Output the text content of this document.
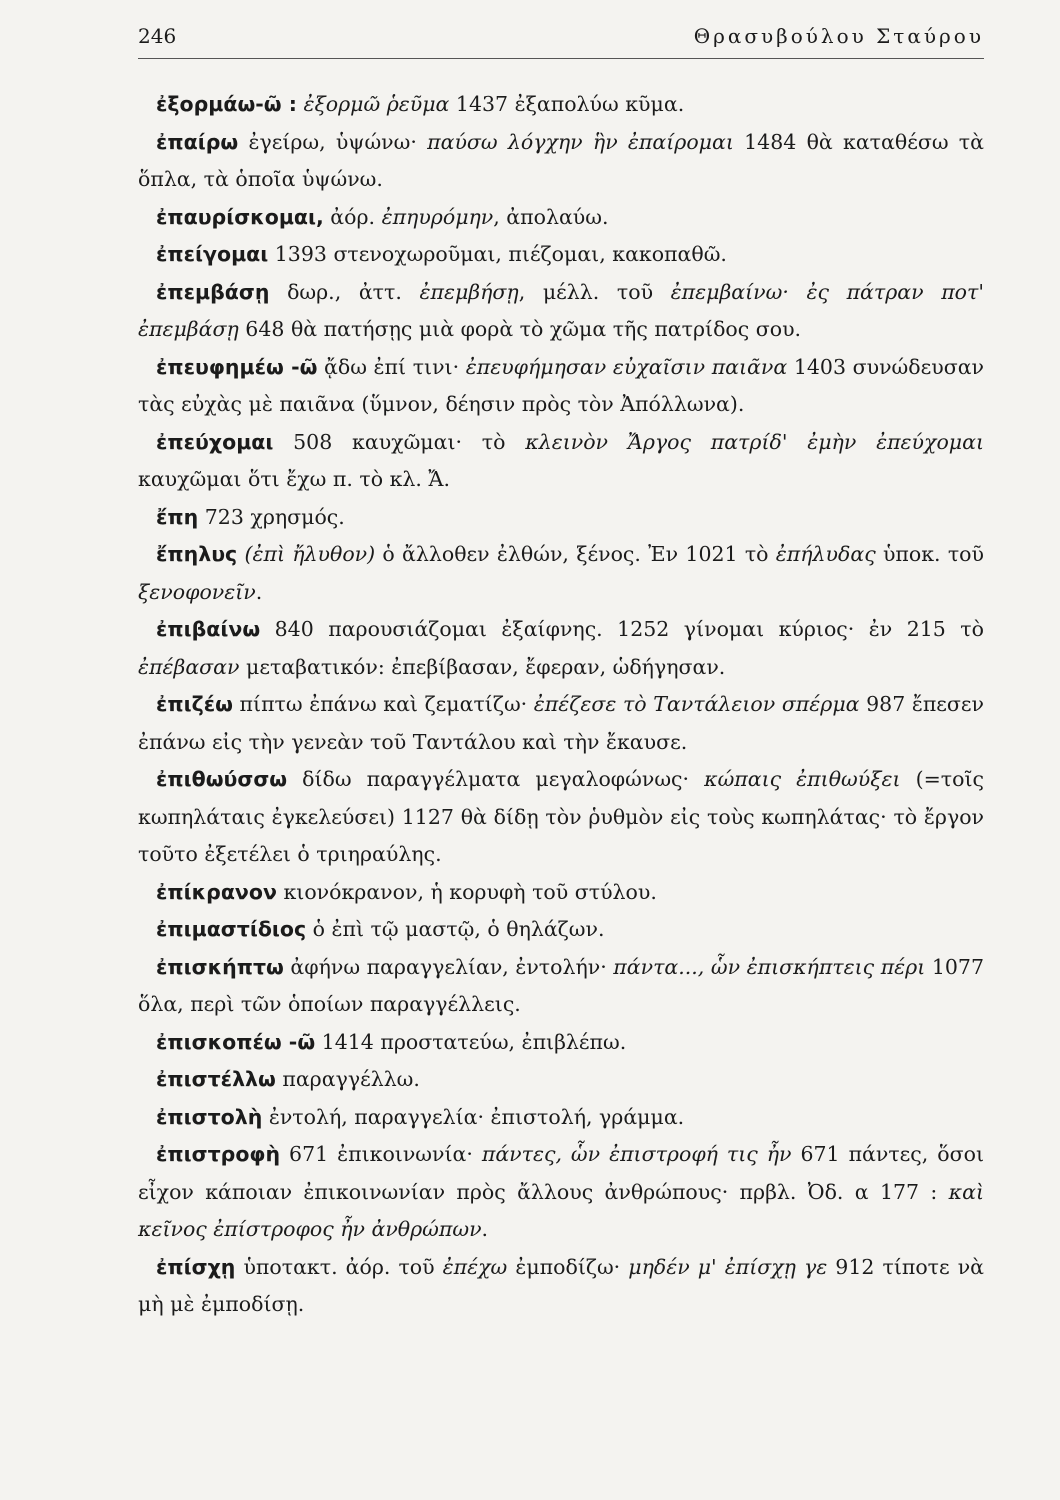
246	Θρασυβούλου Σταύρου

ἐξορμάω-ῶ : ἐξορμῶ ῥεῦμα 1437 ἐξαπολύω κῦμα.

ἐπαίρω ἐγείρω, ὑψώνω· παύσω λόγχην ἣν ἐπαίρομαι 1484 θὰ καταθέσω τὰ ὅπλα, τὰ ὁποῖα ὑψώνω.

ἐπαυρίσκομαι, ἀόρ. ἐπηυρόμην, ἀπολαύω.

ἐπείγομαι 1393 στενοχωροῦμαι, πιέζομαι, κακοπαθῶ.

ἐπεμβάσῃ δωρ., ἀττ. ἐπεμβήσῃ, μέλλ. τοῦ ἐπεμβαίνω· ἐς πάτραν ποτ' ἐπεμβάσῃ 648 θὰ πατήσῃς μιὰ φορὰ τὸ χῶμα τῆς πατρίδος σου.

ἐπευφημέω -ῶ ᾄδω ἐπί τινι· ἐπευφήμησαν εὐχαῖσιν παιᾶνα 1403 συνώδευσαν τὰς εὐχὰς μὲ παιᾶνα (ὕμνον, δέησιν πρὸς τὸν Ἀπόλλωνα).

ἐπεύχομαι 508 καυχῶμαι· τὸ κλεινὸν Ἄργος πατρίδ' ἐμὴν ἐπεύχομαι καυχῶμαι ὅτι ἔχω π. τὸ κλ. Ἄ.

ἔπη 723 χρησμός.

ἔπηλυς (ἐπὶ ἤλυθον) ὁ ἄλλοθεν ἐλθών, ξένος. Ἐν 1021 τὸ ἐπήλυδας ὑποκ. τοῦ ξενοφονεῖν.

ἐπιβαίνω 840 παρουσιάζομαι ἐξαίφνης. 1252 γίνομαι κύριος· ἐν 215 τὸ ἐπέβασαν μεταβατικόν: ἐπεβίβασαν, ἔφεραν, ὡδήγησαν.

ἐπιζέω πίπτω ἐπάνω καὶ ζεματίζω· ἐπέζεσε τὸ Ταντάλειον σπέρμα 987 ἔπεσεν ἐπάνω εἰς τὴν γενεὰν τοῦ Ταντάλου καὶ τὴν ἔκαυσε.

ἐπιθωύσσω δίδω παραγγέλματα μεγαλοφώνως· κώπαις ἐπιθωύξει (=τοῖς κωπηλάταις ἐγκελεύσει) 1127 θὰ δίδῃ τὸν ῥυθμὸν εἰς τοὺς κωπηλάτας· τὸ ἔργον τοῦτο ἐξετέλει ὁ τριηραύλης.

ἐπίκρανον κιονόκρανον, ἡ κορυφὴ τοῦ στύλου.

ἐπιμαστίδιος ὁ ἐπὶ τῷ μαστῷ, ὁ θηλάζων.

ἐπισκήπτω ἀφήνω παραγγελίαν, ἐντολήν· πάντα..., ὧν ἐπισκήπτεις πέρι 1077 ὅλα, περὶ τῶν ὁποίων παραγγέλλεις.

ἐπισκοπέω -ῶ 1414 προστατεύω, ἐπιβλέπω.

ἐπιστέλλω παραγγέλλω.

ἐπιστολὴ ἐντολή, παραγγελία· ἐπιστολή, γράμμα.

ἐπιστροφὴ 671 ἐπικοινωνία· πάντες, ὧν ἐπιστροφή τις ἦν 671 πάντες, ὅσοι εἶχον κάποιαν ἐπικοινωνίαν πρὸς ἄλλους ἀνθρώπους· πρβλ. Ὀδ. α 177 : καὶ κεῖνος ἐπίστροφος ἦν ἀνθρώπων.

ἐπίσχῃ ὑποτακτ. ἀόρ. τοῦ ἐπέχω ἐμποδίζω· μηδέν μ' ἐπίσχῃ γε 912 τίποτε νὰ μὴ μὲ ἐμποδίσῃ.
